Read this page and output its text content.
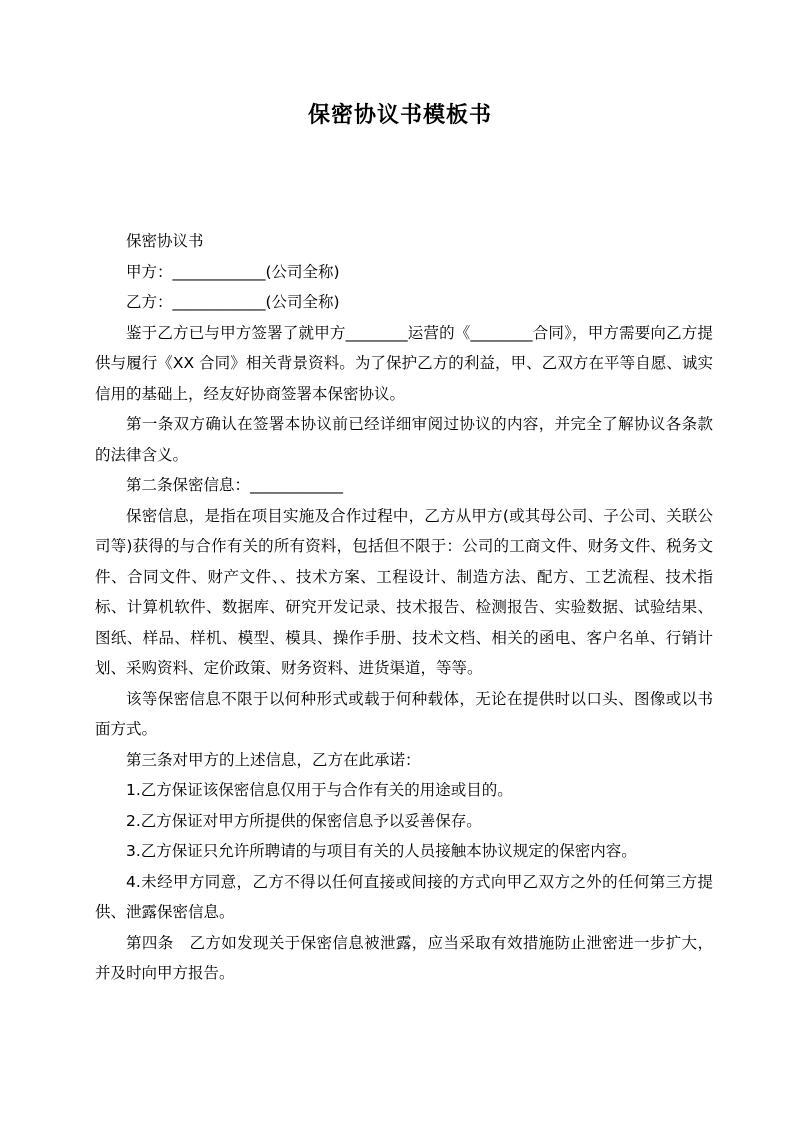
保密协议书模板书

保密协议书

甲方：____________(公司全称)

乙方：____________(公司全称)

鉴于乙方已与甲方签署了就甲方________运营的《________合同》，甲方需要向乙方提供与履行《XX 合同》相关背景资料。为了保护乙方的利益，甲、乙双方在平等自愿、诚实信用的基础上，经友好协商签署本保密协议。

第一条双方确认在签署本协议前已经详细审阅过协议的内容，并完全了解协议各条款的法律含义。

第二条保密信息：____________

保密信息，是指在项目实施及合作过程中，乙方从甲方(或其母公司、子公司、关联公司等)获得的与合作有关的所有资料，包括但不限于：公司的工商文件、财务文件、税务文件、合同文件、财产文件、、技术方案、工程设计、制造方法、配方、工艺流程、技术指标、计算机软件、数据库、研究开发记录、技术报告、检测报告、实验数据、试验结果、图纸、样品、样机、模型、模具、操作手册、技术文档、相关的函电、客户名单、行销计划、采购资料、定价政策、财务资料、进货渠道，等等。

该等保密信息不限于以何种形式或载于何种载体，无论在提供时以口头、图像或以书面方式。

第三条对甲方的上述信息，乙方在此承诺：

1.乙方保证该保密信息仅用于与合作有关的用途或目的。

2.乙方保证对甲方所提供的保密信息予以妥善保存。

3.乙方保证只允许所聘请的与项目有关的人员接触本协议规定的保密内容。

4.未经甲方同意，乙方不得以任何直接或间接的方式向甲乙双方之外的任何第三方提供、泄露保密信息。

第四条　乙方如发现关于保密信息被泄露，应当采取有效措施防止泄密进一步扩大，并及时向甲方报告。
